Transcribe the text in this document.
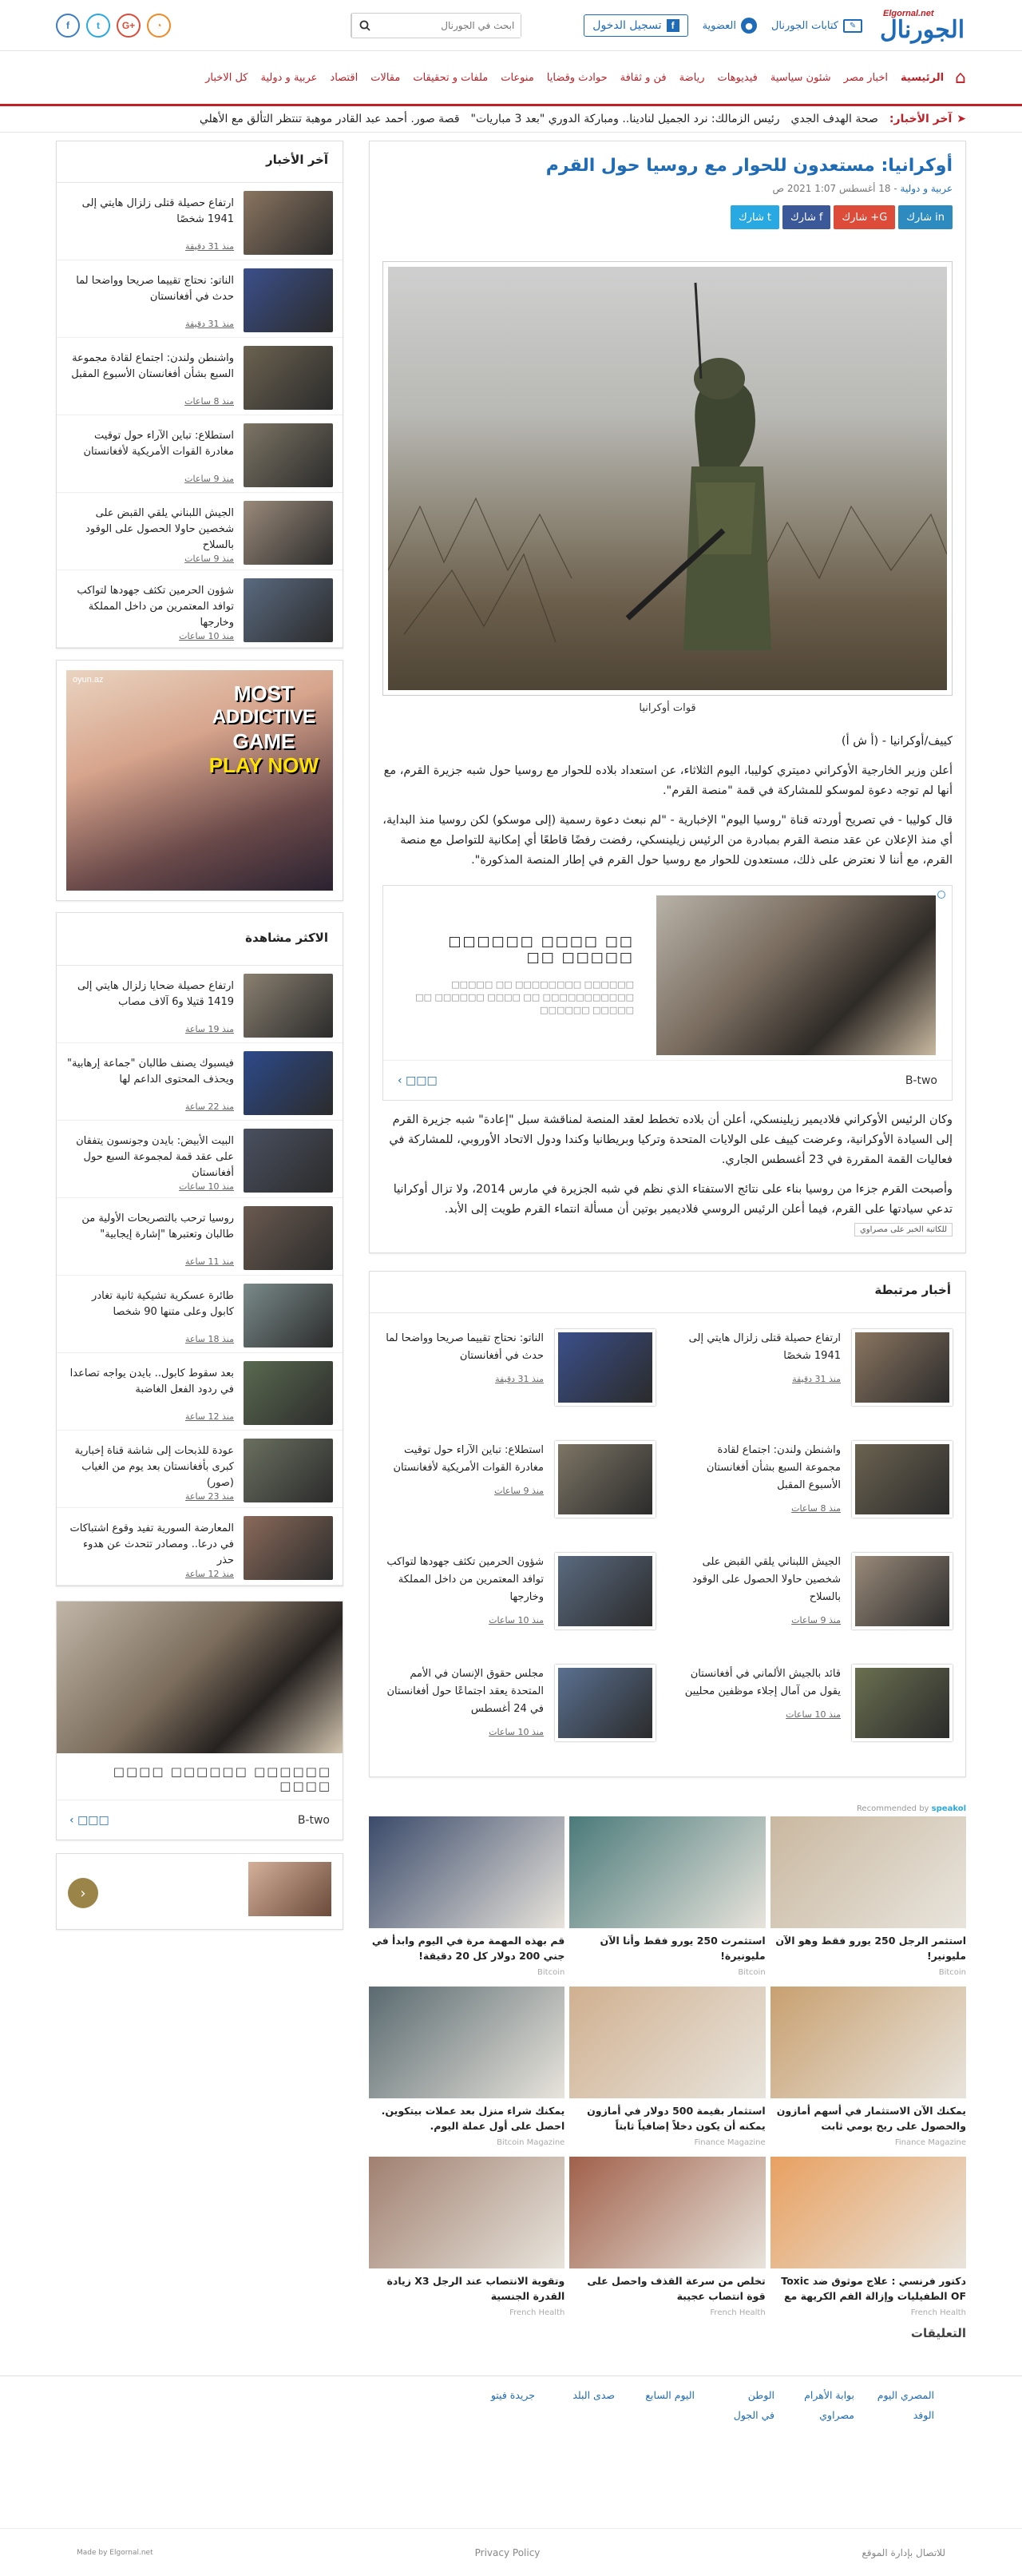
Elgornal.net
الجورنال
✎
كتابات الجورنال
●
العضوية
f
تسجيل الدخول
ابحث في الجورنال
f	t	G+	◔
⌂
الرئيسية
اخبار مصر
شئون سياسية
فيديوهات
رياضة
فن و ثقافة
حوادث وقضايا
منوعات
ملفات و تحقيقات
مقالات
اقتصاد
عربية و دولية
كل الاخبار
➤
آخر الأخبار:
صحة الهدف الجدي
رئيس الزمالك: نرد الجميل لنادينا.. ومباركة الدوري "بعد 3 مباريات"
قصة صور. أحمد عبد القادر موهبة تنتظر التألق مع الأهلي
أوكرانيا: مستعدون للحوار مع روسيا حول القرم
عربية و دولية - 18 أغسطس 1:07 2021 ص
in
شارك
G+
شارك
f
شارك
t
شارك
قوات أوكرانيا

كييف/أوكرانيا - (أ ش أ)

أعلن وزير الخارجية الأوكراني دميتري كوليبا، اليوم الثلاثاء، عن استعداد بلاده للحوار مع روسيا حول شبه جزيرة القرم، مع أنها لم توجه دعوة لموسكو للمشاركة في قمة "منصة القرم".

قال كوليبا - في تصريح أوردته قناة "روسيا اليوم" الإخبارية - "لم نبعث دعوة رسمية (إلى موسكو) لكن روسيا منذ البداية، أي منذ الإعلان عن عقد منصة القرم بمبادرة من الرئيس زيلينسكي، رفضت رفضًا قاطعًا أي إمكانية للتواصل مع منصة القرم، مع أننا لا نعترض على ذلك، مستعدون للحوار مع روسيا حول القرم في إطار المنصة المذكورة".

□□ □□□□ □□□□□□ □□□□□ □□
□□□□□□ □□□□□□□□ □□ □□□□□ □□□□□□□□□□□ □□ □□□□ □□□□□□ □□ □□□□□ □□□□□□
B-two
□□□ ›

وكان الرئيس الأوكراني فلاديمير زيلينسكي، أعلن أن بلاده تخطط لعقد المنصة لمناقشة سبل "إعادة" شبه جزيرة القرم إلى السيادة الأوكرانية، وعرضت كييف على الولايات المتحدة وتركيا وبريطانيا وكندا ودول الاتحاد الأوروبي، للمشاركة في فعاليات القمة المقررة في 23 أغسطس الجاري.

وأصبحت القرم جزءا من روسيا بناء على نتائج الاستفتاء الذي نظم في شبه الجزيرة في مارس 2014، ولا تزال أوكرانيا تدعي سيادتها على القرم، فيما أعلن الرئيس الروسي فلاديمير بوتين أن مسألة انتماء القرم طويت إلى الأبد.

للكاتبة الخبر على مصراوي
أخبار مرتبطة
ارتفاع حصيلة قتلى زلزال هايتي إلى 1941 شخصًا
منذ 31 دقيقة
الناتو: نحتاج تقييما صريحا وواضحا لما حدث في أفغانستان
منذ 31 دقيقة
واشنطن ولندن: اجتماع لقادة مجموعة السبع بشأن أفغانستان الأسبوع المقبل
منذ 8 ساعات
استطلاع: تباين الآراء حول توقيت مغادرة القوات الأمريكية لأفغانستان
منذ 9 ساعات
الجيش اللبناني يلقي القبض على شخصين حاولا الحصول على الوقود بالسلاح
منذ 9 ساعات
شؤون الحرمين تكثف جهودها لتواكب توافد المعتمرين من داخل المملكة وخارجها
منذ 10 ساعات
قائد بالجيش الألماني في أفغانستان يقول من آمال إجلاء موظفين محليين
منذ 10 ساعات
مجلس حقوق الإنسان في الأمم المتحدة يعقد اجتماعًا حول أفغانستان في 24 أغسطس
منذ 10 ساعات
Recommended by speakol
استثمر الرجل 250 يورو فقط وهو الآن مليونير!
Bitcoin
استثمرت 250 يورو فقط وأنا الآن مليونيرة!
Bitcoin
قم بهذه المهمة مرة في اليوم وابدأ في جني 200 دولار كل 20 دقيقة!
Bitcoin
يمكنك الآن الاستثمار في أسهم أمازون والحصول على ربح يومي ثابت
Finance Magazine
استثمار بقيمة 500 دولار في أمازون يمكنه أن يكون دخلاً إضافياً ثابتاً
Finance Magazine
يمكنك شراء منزل بعد عملات بيتكوين. احصل على أول عملة اليوم.
Bitcoin Magazine
دكتور فرنسي : علاج موثوق ضد Toxic OF الطفيليات وإزالة الفم الكريهة مع
French Health
تخلص من سرعة القذف واحصل على قوة انتصاب عجيبة
French Health
وتقوية الانتصاب عند الرجل X3 زيادة القدرة الجنسية
French Health
آخر الأخبار
ارتفاع حصيلة قتلى زلزال هايتي إلى 1941 شخصًا
منذ 31 دقيقة
الناتو: نحتاج تقييما صريحا وواضحا لما حدث في أفغانستان
منذ 31 دقيقة
واشنطن ولندن: اجتماع لقادة مجموعة السبع بشأن أفغانستان الأسبوع المقبل
منذ 8 ساعات
استطلاع: تباين الآراء حول توقيت مغادرة القوات الأمريكية لأفغانستان
منذ 9 ساعات
الجيش اللبناني يلقي القبض على شخصين حاولا الحصول على الوقود بالسلاح
منذ 9 ساعات
شؤون الحرمين تكثف جهودها لتواكب توافد المعتمرين من داخل المملكة وخارجها
منذ 10 ساعات
oyun.az
MOST
ADDICTIVE
GAME
PLAY NOW
الاكثر مشاهدة
ارتفاع حصيلة ضحايا زلزال هايتي إلى 1419 قتيلا و6 آلاف مصاب
منذ 19 ساعة
فيسبوك يصنف طالبان "جماعة إرهابية" ويحذف المحتوى الداعم لها
منذ 22 ساعة
البيت الأبيض: بايدن وجونسون يتفقان على عقد قمة لمجموعة السبع حول أفغانستان
منذ 10 ساعات
روسيا ترحب بالتصريحات الأولية من طالبان وتعتبرها "إشارة إيجابية"
منذ 11 ساعة
طائرة عسكرية تشيكية ثانية تغادر كابول وعلى متنها 90 شخصا
منذ 18 ساعة
بعد سقوط كابول.. بايدن يواجه تصاعدا في ردود الفعل الغاضبة
منذ 12 ساعة
عودة للذبحات إلى شاشة قناة إخبارية كبرى بأفغانستان بعد يوم من الغياب (صور)
منذ 23 ساعة
المعارضة السورية تفيد وقوع اشتباكات في درعا.. ومصادر تتحدث عن هدوء حذر
منذ 12 ساعة
□□□□□□ □□□□□□ □□□□ □□□□
B-two
□□□ ›
‹
التعليقات
المصري اليوم
بوابة الأهرام
الوطن
اليوم السابع
صدى البلد
جريدة فيتو
الوفد
مصراوي
في الجول
للاتصال بإدارة الموقع
Privacy Policy
Made by Elgornal.net
